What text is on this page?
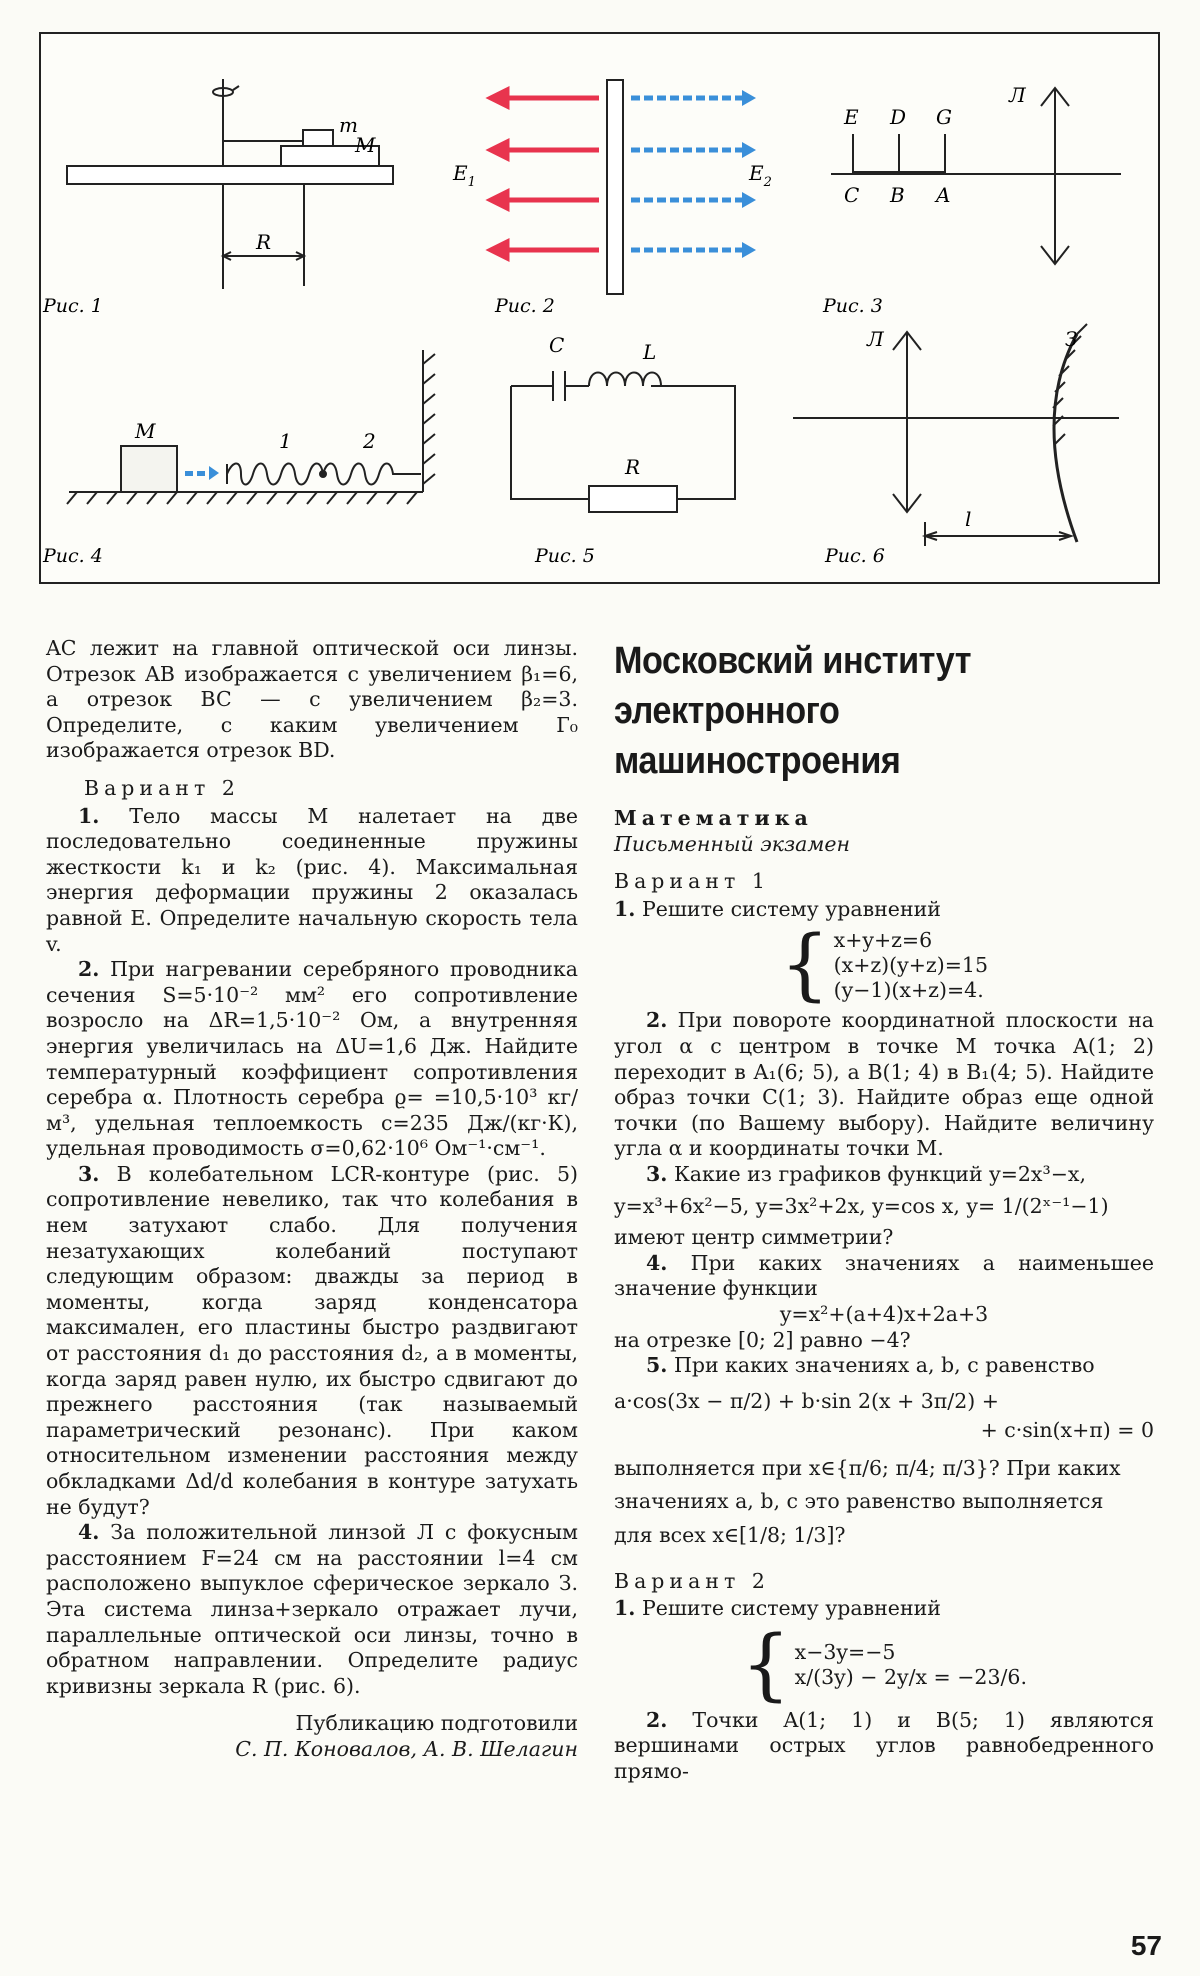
m
M
R
Рис. 1
$E_1$	$E_2$
Рис. 2
E D G
C B A
Л
Рис. 3
M	1	2
Рис. 4
C	L
R
Рис. 5
Л	З
l
Рис. 6

AC лежит на главной оптической оси линзы. Отрезок AB изображается с увеличением β₁=6, а отрезок BC — с увеличением β₂=3. Определите, с каким увеличением Г₀ изображается отрезок BD.

Вариант 2

1. Тело массы M налетает на две последовательно соединенные пружины жесткости k₁ и k₂ (рис. 4). Максимальная энергия деформации пружины 2 оказалась равной E. Определите начальную скорость тела v.

2. При нагревании серебряного проводника сечения S=5·10⁻² мм² его сопротивление возросло на ΔR=1,5·10⁻² Ом, а внутренняя энергия увеличилась на ΔU=1,6 Дж. Найдите температурный коэффициент сопротивления серебра α. Плотность серебра ϱ= =10,5·10³ кг/м³, удельная теплоемкость c=235 Дж/(кг·К), удельная проводимость σ=0,62·10⁶ Ом⁻¹·см⁻¹.

3. В колебательном LCR-контуре (рис. 5) сопротивление невелико, так что колебания в нем затухают слабо. Для получения незатухающих колебаний поступают следующим образом: дважды за период в моменты, когда заряд конденсатора максимален, его пластины быстро раздвигают от расстояния d₁ до расстояния d₂, а в моменты, когда заряд равен нулю, их быстро сдвигают до прежнего расстояния (так называемый параметрический резонанс). При каком относительном изменении расстояния между обкладками Δd/d колебания в контуре затухать не будут?

4. За положительной линзой Л с фокусным расстоянием F=24 см на расстоянии l=4 см расположено выпуклое сферическое зеркало З. Эта система линза+зеркало отражает лучи, параллельные оптической оси линзы, точно в обратном направлении. Определите радиус кривизны зеркала R (рис. 6).

Публикацию подготовили
С. П. Коновалов, А. В. Шелагин
Московский институт
электронного
машиностроения
Математика
Письменный экзамен
Вариант 1

1. Решите систему уравнений

{ x+y+z=6
(x+z)(y+z)=15
(y−1)(x+z)=4.

2. При повороте координатной плоскости на угол α с центром в точке M точка A(1; 2) переходит в A₁(6; 5), а B(1; 4) в B₁(4; 5). Найдите образ точки C(1; 3). Найдите образ еще одной точки (по Вашему выбору). Найдите величину угла α и координаты точки M.

3. Какие из графиков функций y=2x³−x,

y=x³+6x²−5, y=3x²+2x, y=cos x, y= 1/(2ˣ⁻¹−1)

имеют центр симметрии?

4. При каких значениях a наименьшее значение функции

y=x²+(a+4)x+2a+3

на отрезке [0; 2] равно −4?

5. При каких значениях a, b, c равенство

a·cos(3x − π/2) + b·sin 2(x + 3π/2) +

+ c·sin(x+π) = 0

выполняется при x∈{π/6; π/4; π/3}? При каких

значениях a, b, c это равенство выполняется

для всех x∈[1/8; 1/3]?

Вариант 2

1. Решите систему уравнений

{ x−3y=−5
x/(3y) − 2y/x = −23/6.

2. Точки A(1; 1) и B(5; 1) являются вершинами острых углов равнобедренного прямо-

57
